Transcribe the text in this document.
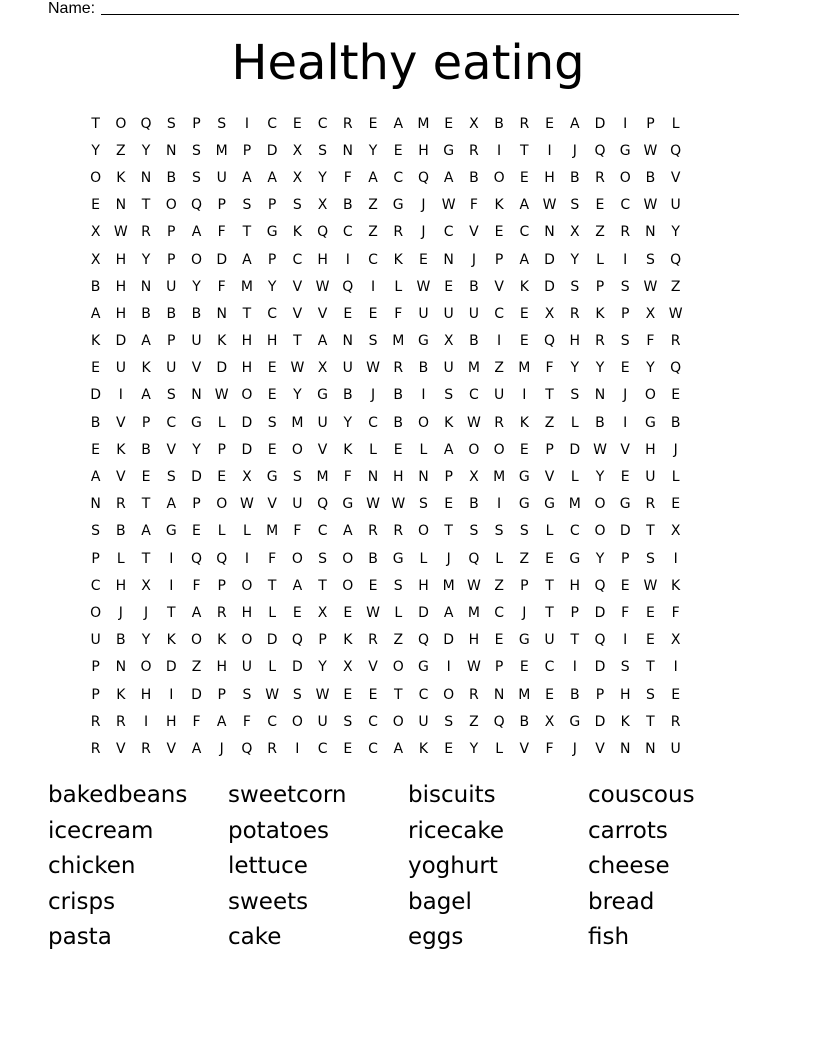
Name:
Healthy eating
T	O	Q	S	P	S	I	C	E	C	R	E	A	M	E	X	B	R	E	A	D	I	P	L
Y	Z	Y	N	S	M	P	D	X	S	N	Y	E	H	G	R	I	T	I	J	Q	G W Q
O	K	N	B	S	U	A	A	X	Y	F	A	C	Q	A	B	O	E	H	B	R	O	B	V
E	N	T	O	Q	P	S	P	S	X	B	Z	G	J	W	F	K	A W S	E	C W U
X W R	P	A	F	T	G	K	Q	C	Z	R	J	C	V	E	C	N	X	Z	R	N	Y
X	H	Y	P	O	D	A	P	C	H	I	C	K	E	N	J	P	A	D	Y	L	I	S	Q
B	H	N	U	Y	F	M	Y	V W Q	I	L	W E	B	V	K	D	S	P	S W Z
A	H	B	B	B	N	T	C	V	V	E	E	F	U	U	U	C	E	X	R	K	P	X W
K	D	A	P	U	K	H	H	T	A	N	S	M G	X	B	I	E	Q	H	R	S	F	R
E	U	K	U	V	D	H	E W X	U W R	B	U	M	Z	M	F	Y	Y	E	Y	Q
D	I	A	S	N W O	E	Y	G	B	J	B	I	S	C	U	I	T	S	N	J	O	E
B	V	P	C	G	L	D	S	M	U	Y	C	B	O	K W R	K	Z	L	B	I	G	B
E	K	B	V	Y	P	D	E	O	V	K	L	E	L	A	O	O	E	P	D W V	H	J
A	V	E	S	D	E	X	G	S	M	F	N	H	N	P	X	M G	V	L	Y	E	U	L
N	R	T	A	P	O W V	U	Q	G W W S	E	B	I	G	G M O	G	R	E
S	B	A	G	E	L	L	M	F	C	A	R	R	O	T	S	S	S	L	C	O	D	T	X
P	L	T	I	Q	Q	I	F	O	S	O	B	G	L	J	Q	L	Z	E	G	Y	P	S	I
C	H	X	I	F	P	O	T	A	T	O	E	S	H M W Z	P	T	H	Q	E W K
O	J	J	T	A	R	H	L	E	X	E W	L	D	A	M	C	J	T	P	D	F	E	F
U	B	Y	K	O	K	O	D	Q	P	K	R	Z	Q	D	H	E	G	U	T	Q	I	E	X
P	N	O	D	Z	H	U	L	D	Y	X	V	O	G	I	W	P	E	C	I	D	S	T	I
P	K	H	I	D	P	S W S W E	E	T	C	O	R	N M	E	B	P	H	S	E
R	R	I	H	F	A	F	C	O	U	S	C	O	U	S	Z	Q	B	X	G	D	K	T	R
R	V	R	V	A	J	Q	R	I	C	E	C	A	K	E	Y	L	V	F	J	V	N	N	U
bakedbeans	sweetcorn	biscuits	couscous
icecream	potatoes	ricecake	carrots
chicken	lettuce	yoghurt	cheese
crisps	sweets	bagel	bread
pasta	cake	eggs	fish
